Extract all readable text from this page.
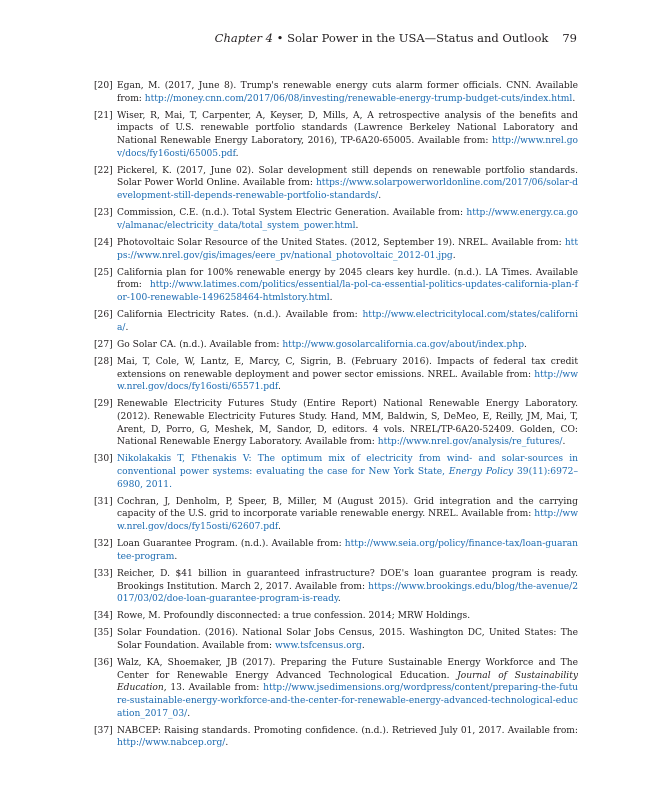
Chapter 4 • Solar Power in the USA—Status and Outlook 79
[20] Egan, M. (2017, June 8). Trump's renewable energy cuts alarm former officials. CNN. Available from: http://money.cnn.com/2017/06/08/investing/renewable-energy-trump-budget-cuts/index.html.
[21] Wiser, R, Mai, T, Carpenter, A, Keyser, D, Mills, A, A retrospective analysis of the benefits and impacts of U.S. renewable portfolio standards (Lawrence Berkeley National Laboratory and National Renewable Energy Laboratory, 2016), TP-6A20-65005. Available from: http://www.nrel.gov/docs/fy16osti/65005.pdf.
[22] Pickerel, K. (2017, June 02). Solar development still depends on renewable portfolio standards. Solar Power World Online. Available from: https://www.solarpowerworldonline.com/2017/06/solar-development-still-depends-renewable-portfolio-standards/.
[23] Commission, C.E. (n.d.). Total System Electric Generation. Available from: http://www.energy.ca.gov/almanac/electricity_data/total_system_power.html.
[24] Photovoltaic Solar Resource of the United States. (2012, September 19). NREL. Available from: https://www.nrel.gov/gis/images/eere_pv/national_photovoltaic_2012-01.jpg.
[25] California plan for 100% renewable energy by 2045 clears key hurdle. (n.d.). LA Times. Available from: http://www.latimes.com/politics/essential/la-pol-ca-essential-politics-updates-california-plan-for-100-renewable-1496258464-htmlstory.html.
[26] California Electricity Rates. (n.d.). Available from: http://www.electricitylocal.com/states/california/.
[27] Go Solar CA. (n.d.). Available from: http://www.gosolarcalifornia.ca.gov/about/index.php.
[28] Mai, T, Cole, W, Lantz, E, Marcy, C, Sigrin, B. (February 2016). Impacts of federal tax credit extensions on renewable deployment and power sector emissions. NREL. Available from: http://www.nrel.gov/docs/fy16osti/65571.pdf.
[29] Renewable Electricity Futures Study (Entire Report) National Renewable Energy Laboratory. (2012). Renewable Electricity Futures Study. Hand, MM, Baldwin, S, DeMeo, E, Reilly, JM, Mai, T, Arent, D, Porro, G, Meshek, M, Sandor, D, editors. 4 vols. NREL/TP-6A20-52409. Golden, CO: National Renewable Energy Laboratory. Available from: http://www.nrel.gov/analysis/re_futures/.
[30] Nikolakakis T, Fthenakis V: The optimum mix of electricity from wind- and solar-sources in conventional power systems: evaluating the case for New York State, Energy Policy 39(11):6972–6980, 2011.
[31] Cochran, J, Denholm, P, Speer, B, Miller, M (August 2015). Grid integration and the carrying capacity of the U.S. grid to incorporate variable renewable energy. NREL. Available from: http://www.nrel.gov/docs/fy15osti/62607.pdf.
[32] Loan Guarantee Program. (n.d.). Available from: http://www.seia.org/policy/finance-tax/loan-guarantee-program.
[33] Reicher, D. $41 billion in guaranteed infrastructure? DOE's loan guarantee program is ready. Brookings Institution. March 2, 2017. Available from: https://www.brookings.edu/blog/the-avenue/2017/03/02/doe-loan-guarantee-program-is-ready.
[34] Rowe, M. Profoundly disconnected: a true confession. 2014; MRW Holdings.
[35] Solar Foundation. (2016). National Solar Jobs Census, 2015. Washington DC, United States: The Solar Foundation. Available from: www.tsfcensus.org.
[36] Walz, KA, Shoemaker, JB (2017). Preparing the Future Sustainable Energy Workforce and The Center for Renewable Energy Advanced Technological Education. Journal of Sustainability Education, 13. Available from: http://www.jsedimensions.org/wordpress/content/preparing-the-future-sustainable-energy-workforce-and-the-center-for-renewable-energy-advanced-technological-education_2017_03/.
[37] NABCEP: Raising standards. Promoting confidence. (n.d.). Retrieved July 01, 2017. Available from: http://www.nabcep.org/.
